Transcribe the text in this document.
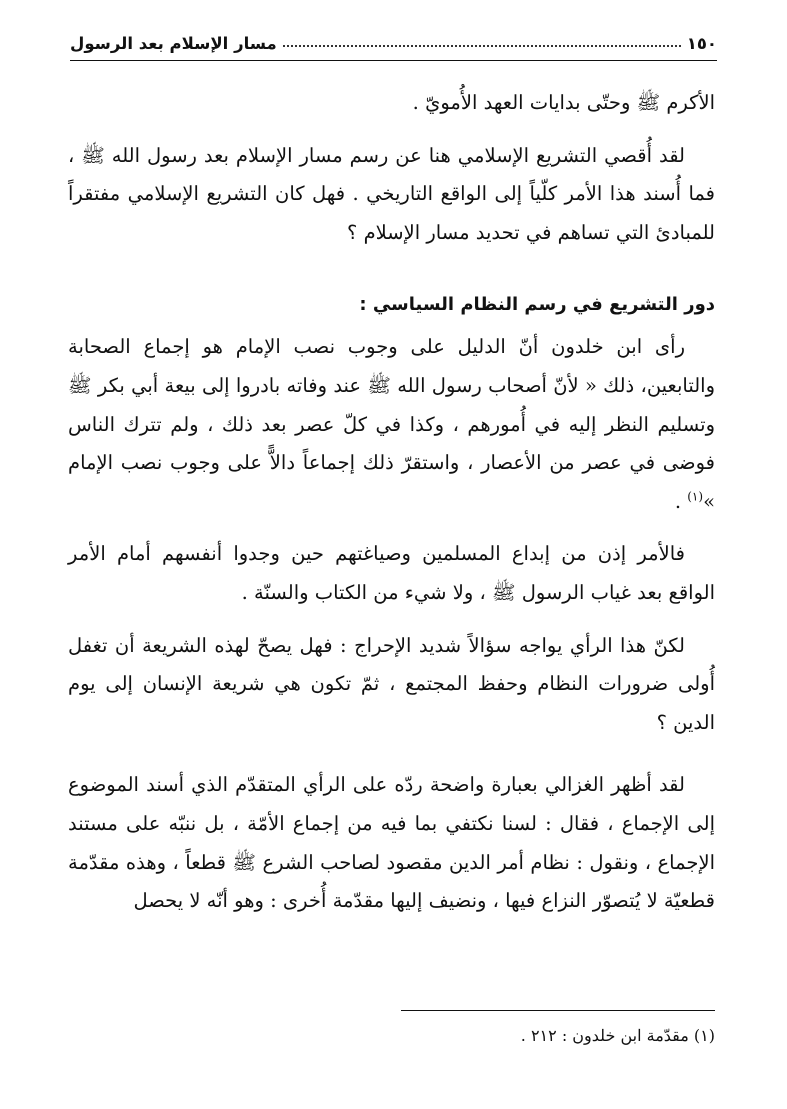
١٥٠
مسار الإسلام بعد الرسول

الأكرم ﷺ وحتّى بدايات العهد الأُمويّ .

لقد أُقصي التشريع الإسلامي هنا عن رسم مسار الإسلام بعد رسول الله ﷺ ، فما أُسند هذا الأمر كلّياً إلى الواقع التاريخي . فهل كان التشريع الإسلامي مفتقراً للمبادئ التي تساهم في تحديد مسار الإسلام ؟

دور التشريع في رسم النظام السياسي :

رأى ابن خلدون أنّ الدليل على وجوب نصب الإمام هو إجماع الصحابة والتابعين، ذلك « لأنّ أصحاب رسول الله ﷺ عند وفاته بادروا إلى بيعة أبي بكر ﷺ وتسليم النظر إليه في أُمورهم ، وكذا في كلّ عصر بعد ذلك ، ولم تترك الناس فوضى في عصر من الأعصار ، واستقرّ ذلك إجماعاً دالاًّ على وجوب نصب الإمام »$^{(١)}$ .

فالأمر إذن من إبداع المسلمين وصياغتهم حين وجدوا أنفسهم أمام الأمر الواقع بعد غياب الرسول ﷺ ، ولا شيء من الكتاب والسنّة .

لكنّ هذا الرأي يواجه سؤالاً شديد الإحراج : فهل يصحّ لهذه الشريعة أن تغفل أُولى ضرورات النظام وحفظ المجتمع ، ثمّ تكون هي شريعة الإنسان إلى يوم الدين ؟

لقد أظهر الغزالي بعبارة واضحة ردّه على الرأي المتقدّم الذي أسند الموضوع إلى الإجماع ، فقال : لسنا نكتفي بما فيه من إجماع الأمّة ، بل ننبّه على مستند الإجماع ، ونقول : نظام أمر الدين مقصود لصاحب الشرع ﷺ قطعاً ، وهذه مقدّمة قطعيّة لا يُتصوّر النزاع فيها ، ونضيف إليها مقدّمة أُخرى : وهو أنّه لا يحصل

(١) مقدّمة ابن خلدون : ٢١٢ .
